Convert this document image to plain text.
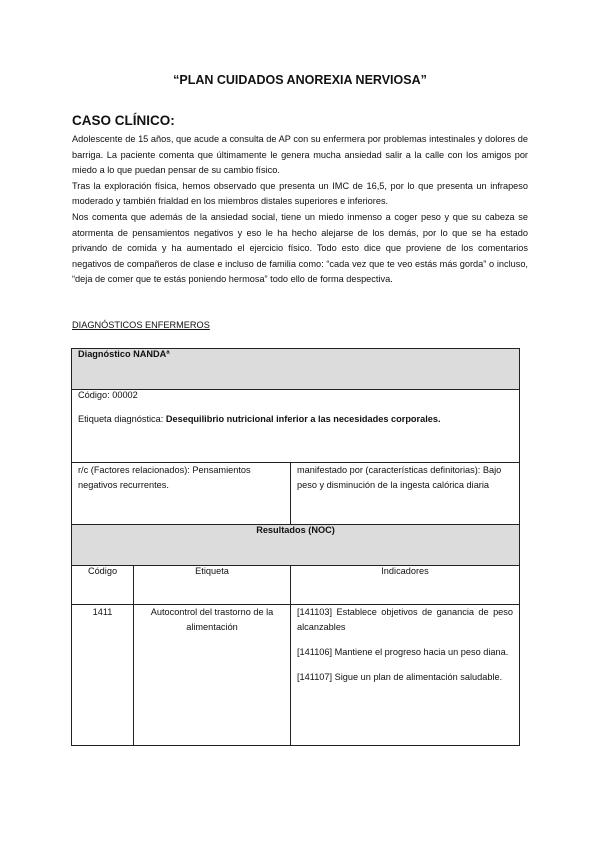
“PLAN CUIDADOS ANOREXIA NERVIOSA”
CASO CLÍNICO:

Adolescente de 15 años, que acude a consulta de AP con su enfermera por problemas intestinales y dolores de barriga. La paciente comenta que últimamente le genera mucha ansiedad salir a la calle con los amigos por miedo a lo que puedan pensar de su cambio físico.

Tras la exploración física, hemos observado que presenta un IMC de 16,5, por lo que presenta un infrapeso moderado y también frialdad en los miembros distales superiores e inferiores.

Nos comenta que además de la ansiedad social, tiene un miedo inmenso a coger peso y que su cabeza se atormenta de pensamientos negativos y eso le ha hecho alejarse de los demás, por lo que se ha estado privando de comida y ha aumentado el ejercicio físico. Todo esto dice que proviene de los comentarios negativos de compañeros de clase e incluso de familia como: “cada vez que te veo estás más gorda” o incluso, “deja de comer que te estás poniendo hermosa” todo ello de forma despectiva.

DIAGNÓSTICOS ENFERMEROS
Diagnóstico NANDAª		

Código: 00002
Etiqueta diagnóstica: Desequilibrio nutricional inferior a las necesidades corporales.		

r/c (Factores relacionados): Pensamientos negativos recurrentes.		manifestado por (características definitorias): Bajo peso y disminución de la ingesta calórica diaria
Resultados (NOC)		
Código	Etiqueta	Indicadores
1411	Autocontrol del trastorno de la alimentación	[141103] Establece objetivos de ganancia de peso alcanzables
[141106] Mantiene el progreso hacia un peso diana.
[141107] Sigue un plan de alimentación saludable.
